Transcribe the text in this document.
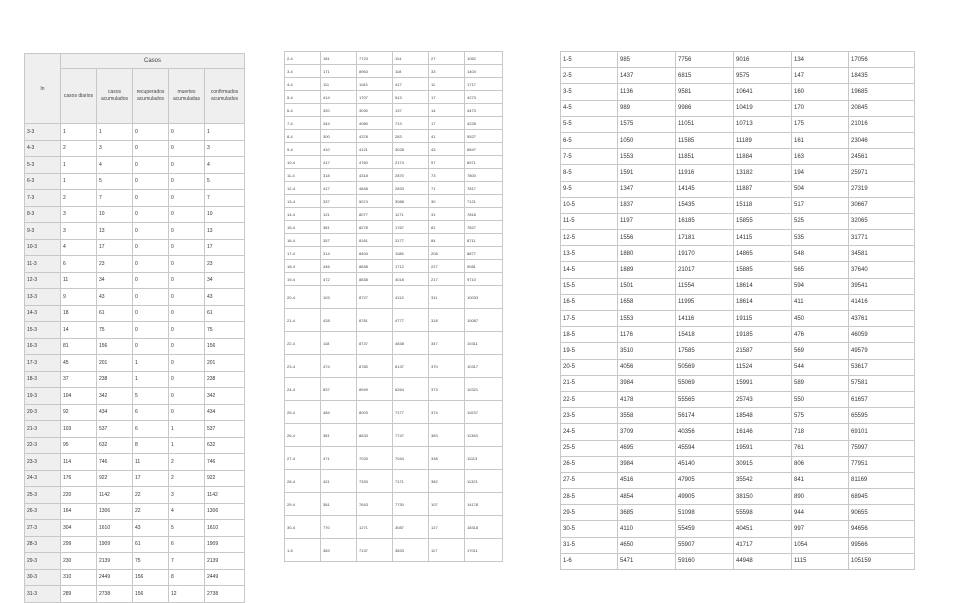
In	Casos				
	casos diarios	casos acumulados	recuperados acumulados	muertes acumuladas	confirmados acumulados
3-3	1	1	0	0	1
4-3	2	3	0	0	3
5-3	1	4	0	0	4
6-3	1	5	0	0	5
7-3	2	7	0	0	7
8-3	3	10	0	0	10
9-3	3	13	0	0	13
10-3	4	17	0	0	17
11-3	6	23	0	0	23
12-3	11	34	0	0	34
13-3	9	43	0	0	43
14-3	18	61	0	0	61
15-3	14	75	0	0	75
16-3	81	156	0	0	156
17-3	45	201	1	0	201
18-3	37	238	1	0	238
19-3	104	342	5	0	342
20-3	92	434	6	0	434
21-3	103	537	6	1	537
22-3	95	632	8	1	632
23-3	114	746	11	2	746
24-3	176	922	17	2	922
25-3	220	1142	22	3	1142
26-3	164	1306	22	4	1306
27-3	304	1610	43	5	1610
28-3	299	1909	61	6	1909
29-3	230	2139	75	7	2139
30-3	310	2449	156	8	2449
31-3	289	2738	156	12	2738
2-4	181	7723	114	27	1052
3-4	171	8963	118	33	1404
4-4	111	1163	417	11	1717
5-4	414	1707	513	17	4273
6-4	320	3030	137	14	4473
7-4	344	4080	713	17	4228
8-4	300	4378	283	41	5527
9-4	410	4121	3028	43	6847
10-4	417	4760	2174	57	6571
11-4	318	4318	2870	73	7800
12-4	417	4848	2833	71	7817
13-4	337	5074	3088	30	7121
14-4	121	8077	1171	31	7818
15-4	381	8278	1767	81	7827
16-4	357	8161	3177	84	8711
17-4	314	8404	1188	208	8877
18-4	446	8838	1712	227	9081
19-4	472	8838	4018	217	9710
20-4	103	8727	4113	311	10033
21-4	428	8781	4777	318	10087
22-4	118	8737	4838	347	10311
23-4	474	8780	6137	370	10317
24-4	837	8949	6264	373	10321
25-4	484	8003	7177	374	11037
26-4	381	8633	7747	383	11383
27-4	471	7033	7044	338	11113
28-4	421	7333	7171	382	11321
29-4	381	7643	7730	107	14178
30-4	770	1271	3087	127	18318
1-5	383	7137	3833	117	17011
1-5	985	7756	9016	134	17056
2-5	1437	6815	9575	147	18435
3-5	1136	9581	10641	160	19685
4-5	989	9986	10419	170	20845
5-5	1575	11051	10713	175	21016
6-5	1050	11585	11189	161	23046
7-5	1553	11851	11884	163	24561
8-5	1591	11916	13182	194	25971
9-5	1347	14145	11887	504	27319
10-5	1837	15435	15118	517	30667
11-5	1197	16185	15855	525	32065
12-5	1556	17181	14115	535	31771
13-5	1880	19170	14865	548	34581
14-5	1889	21017	15885	565	37640
15-5	1501	11554	18614	594	39541
16-5	1658	11995	18614	411	41416
17-5	1553	14116	19115	450	43761
18-5	1176	15418	19185	476	46059
19-5	3510	17585	21587	569	49579
20-5	4056	50569	11524	544	53617
21-5	3984	55069	15991	589	57581
22-5	4178	55565	25743	550	61657
23-5	3558	56174	18548	575	65595
24-5	3709	40356	16146	718	69101
25-5	4695	45594	19591	761	75997
26-5	3984	45140	30915	806	77951
27-5	4516	47905	35542	841	81169
28-5	4854	49905	38150	890	68945
29-5	3685	51098	55598	944	90655
30-5	4110	55459	40451	997	94656
31-5	4650	55907	41717	1054	99566
1-6	5471	59160	44948	1115	105159
